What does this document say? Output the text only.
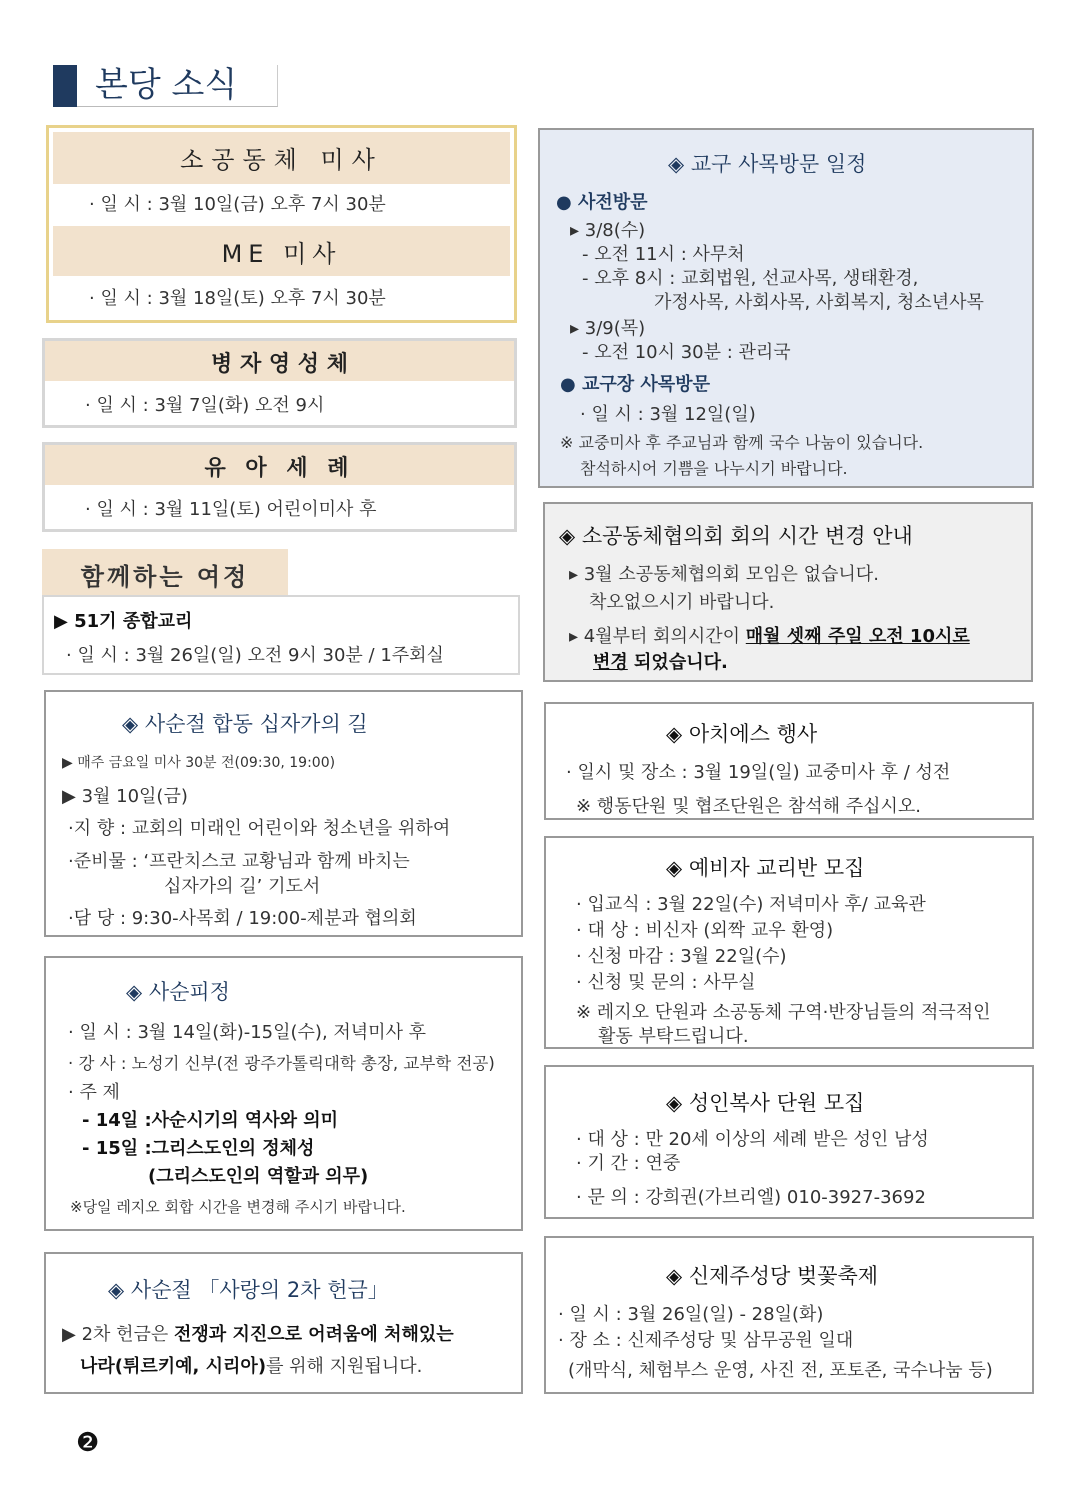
본당 소식
소공동체 미사
· 일 시 : 3월 10일(금) 오후 7시 30분
ME 미사
· 일 시 : 3월 18일(토) 오후 7시 30분
병 자 영 성 체
· 일 시 : 3월 7일(화) 오전 9시
유 아 세 례
· 일 시 : 3월 11일(토) 어린이미사 후
함께하는 여정
▶ 51기 종합교리
· 일 시 : 3월 26일(일) 오전 9시 30분 / 1주회실
◈ 사순절 합동 십자가의 길
▶ 매주 금요일 미사 30분 전(09:30, 19:00)
▶ 3월 10일(금)
·지 향 : 교회의 미래인 어린이와 청소년을 위하여
·준비물 : ‘프란치스코 교황님과 함께 바치는
십자가의 길’ 기도서
·담 당 : 9:30-사목회 / 19:00-제분과 협의회
◈ 사순피정
· 일 시 : 3월 14일(화)-15일(수), 저녁미사 후
· 강 사 : 노성기 신부(전 광주가톨릭대학 총장, 교부학 전공)
· 주 제
- 14일 :사순시기의 역사와 의미
- 15일 :그리스도인의 정체성
(그리스도인의 역할과 의무)
※당일 레지오 회합 시간을 변경해 주시기 바랍니다.
◈ 사순절 「사랑의 2차 헌금」
▶ 2차 헌금은 전쟁과 지진으로 어려움에 처해있는
나라(튀르키예, 시리아)를 위해 지원됩니다.
◈ 교구 사목방문 일정
● 사전방문
▸ 3/8(수)
- 오전 11시 : 사무처
- 오후 8시 : 교회법원, 선교사목, 생태환경,
가정사목, 사회사목, 사회복지, 청소년사목
▸ 3/9(목)
- 오전 10시 30분 : 관리국
● 교구장 사목방문
· 일 시 : 3월 12일(일)
※ 교중미사 후 주교님과 함께 국수 나눔이 있습니다.
참석하시어 기쁨을 나누시기 바랍니다.
◈ 소공동체협의회 회의 시간 변경 안내
▸ 3월 소공동체협의회 모임은 없습니다.
착오없으시기 바랍니다.
▸ 4월부터 회의시간이 매월 셋째 주일 오전 10시로
변경 되었습니다.
◈ 아치에스 행사
· 일시 및 장소 : 3월 19일(일) 교중미사 후 / 성전
※ 행동단원 및 협조단원은 참석해 주십시오.
◈ 예비자 교리반 모집
· 입교식 : 3월 22일(수) 저녁미사 후/ 교육관
· 대 상 : 비신자 (외짝 교우 환영)
· 신청 마감 : 3월 22일(수)
· 신청 및 문의 : 사무실
※ 레지오 단원과 소공동체 구역·반장님들의 적극적인
활동 부탁드립니다.
◈ 성인복사 단원 모집
· 대 상 : 만 20세 이상의 세례 받은 성인 남성
· 기 간 : 연중
· 문 의 : 강희권(가브리엘) 010-3927-3692
◈ 신제주성당 벚꽃축제
· 일 시 : 3월 26일(일) - 28일(화)
· 장 소 : 신제주성당 및 삼무공원 일대
(개막식, 체험부스 운영, 사진 전, 포토존, 국수나눔 등)
❷
